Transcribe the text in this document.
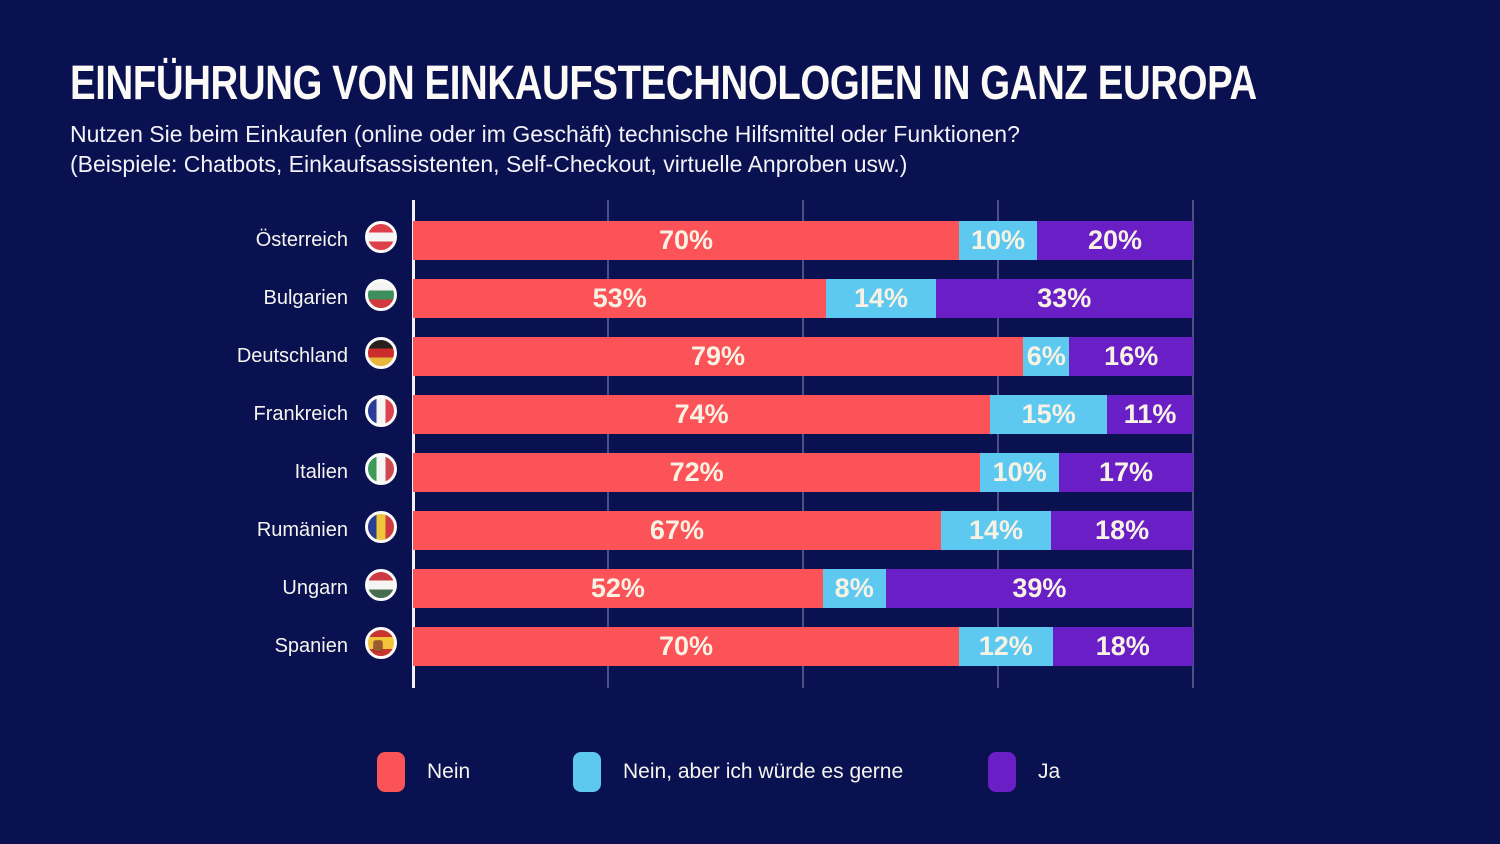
EINFÜHRUNG VON EINKAUFSTECHNOLOGIEN IN GANZ EUROPA
Nutzen Sie beim Einkaufen (online oder im Geschäft) technische Hilfsmittel oder Funktionen?
(Beispiele: Chatbots, Einkaufsassistenten, Self-Checkout, virtuelle Anproben usw.)
Österreich	70%	10%	20%
Bulgarien	53%	14%	33%
Deutschland	79%	6%	16%
Frankreich	74%	15%	11%
Italien	72%	10%	17%
Rumänien	67%	14%	18%
Ungarn	52%	8%	39%
Spanien	70%	12%	18%
Nein	Nein, aber ich würde es gerne	Ja
